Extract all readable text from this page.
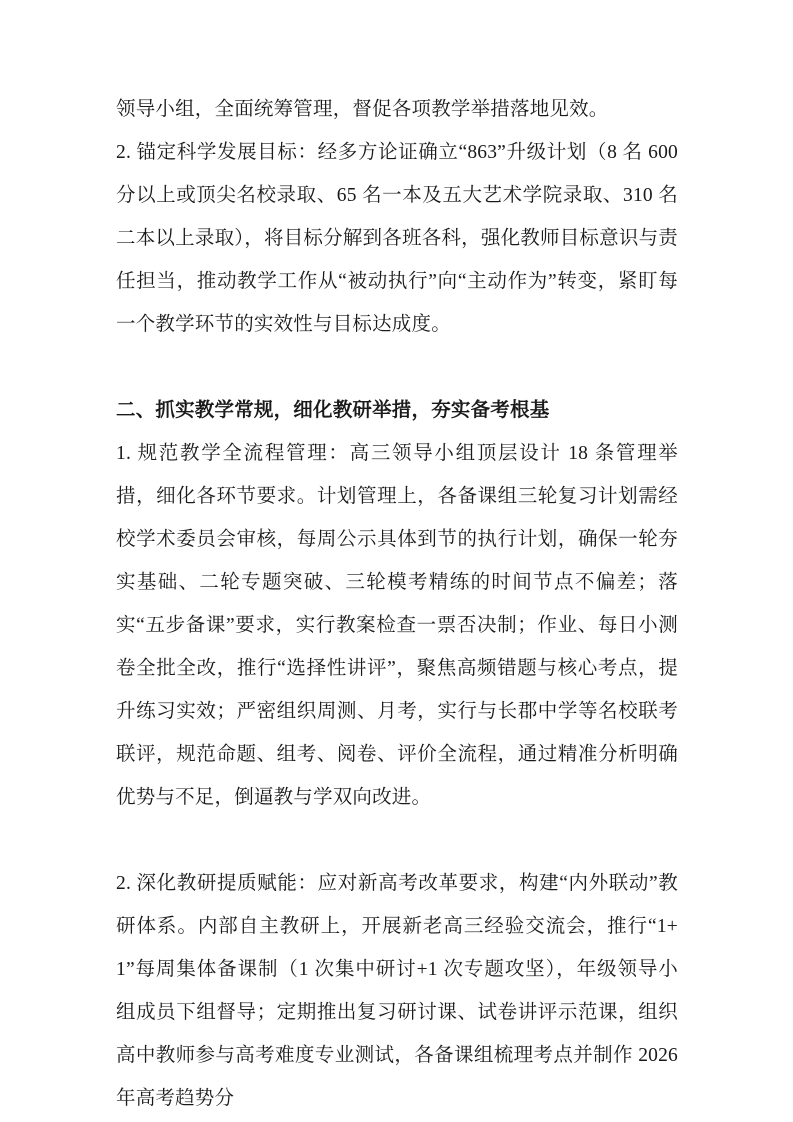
领导小组，全面统筹管理，督促各项教学举措落地见效。

2. 锚定科学发展目标：经多方论证确立“863”升级计划（8 名 600 分以上或顶尖名校录取、65 名一本及五大艺术学院录取、310 名二本以上录取），将目标分解到各班各科，强化教师目标意识与责任担当，推动教学工作从“被动执行”向“主动作为”转变，紧盯每一个教学环节的实效性与目标达成度。

二、抓实教学常规，细化教研举措，夯实备考根基

1. 规范教学全流程管理：高三领导小组顶层设计 18 条管理举措，细化各环节要求。计划管理上，各备课组三轮复习计划需经校学术委员会审核，每周公示具体到节的执行计划，确保一轮夯实基础、二轮专题突破、三轮模考精练的时间节点不偏差；落实“五步备课”要求，实行教案检查一票否决制；作业、每日小测卷全批全改，推行“选择性讲评”，聚焦高频错题与核心考点，提升练习实效；严密组织周测、月考，实行与长郡中学等名校联考联评，规范命题、组考、阅卷、评价全流程，通过精准分析明确优势与不足，倒逼教与学双向改进。

2. 深化教研提质赋能：应对新高考改革要求，构建“内外联动”教研体系。内部自主教研上，开展新老高三经验交流会，推行“1+1”每周集体备课制（1 次集中研讨+1 次专题攻坚），年级领导小组成员下组督导；定期推出复习研讨课、试卷讲评示范课，组织高中教师参与高考难度专业测试，各备课组梳理考点并制作 2026 年高考趋势分
